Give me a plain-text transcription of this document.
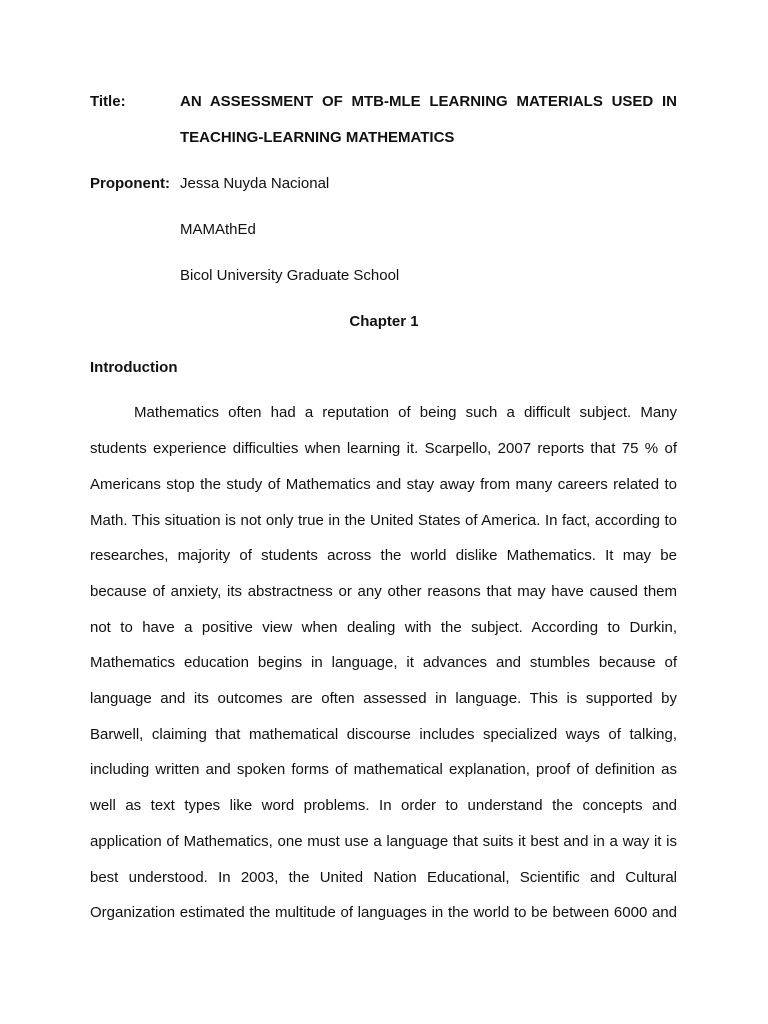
Title:	AN ASSESSMENT OF MTB-MLE LEARNING MATERIALS USED IN
TEACHING-LEARNING MATHEMATICS
Proponent: Jessa Nuyda Nacional
MAMAthEd
Bicol University Graduate School
Chapter 1
Introduction
Mathematics often had a reputation of being such a difficult subject. Many
students experience difficulties when learning it. Scarpello, 2007 reports that 75 % of
Americans stop the study of Mathematics and stay away from many careers related to
Math. This situation is not only true in the United States of America. In fact, according to
researches, majority of students across the world dislike Mathematics. It may be
because of anxiety, its abstractness or any other reasons that may have caused them
not to have a positive view when dealing with the subject. According to Durkin,
Mathematics education begins in language, it advances and stumbles because of
language and its outcomes are often assessed in language. This is supported by
Barwell, claiming that mathematical discourse includes specialized ways of talking,
including written and spoken forms of mathematical explanation, proof of definition as
well as text types like word problems. In order to understand the concepts and
application of Mathematics, one must use a language that suits it best and in a way it is
best understood. In 2003, the United Nation Educational, Scientific and Cultural
Organization estimated the multitude of languages in the world to be between 6000 and
